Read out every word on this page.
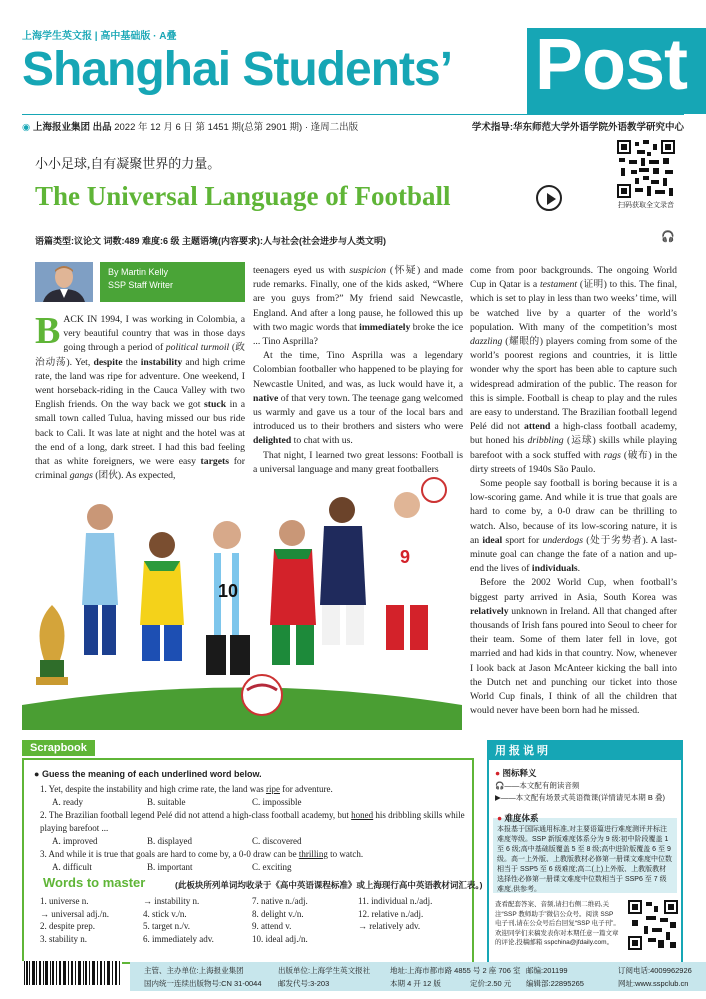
上海学生英文报 | 高中基础版 · A叠
Shanghai Students’ Post
◉ 上海报业集团 出品 2022 年 12 月 6 日 第 1451 期(总第 2901 期) · 逢周二出版	学术指导:华东师范大学外语学院外语教学研究中心
小小足球,自有凝聚世界的力量。
The Universal Language of Football	扫码获取全文录音
语篇类型:议论文 词数:489 难度:6 级 主题语境(内容要求):人与社会(社会进步与人类文明)	🎧
By Martin Kelly
SSP Staff Writer

BACK IN 1994, I was working in Colombia, a very beautiful country that was in those days going through a period of political turmoil (政治动荡). Yet, despite the instability and high crime rate, the land was ripe for adventure. One weekend, I went horseback-riding in the Cauca Valley with two English friends. On the way back we got stuck in a small town called Tulua, having missed our bus ride back to Cali. It was late at night and the hotel was at the end of a long, dark street. I had this bad feeling that as white foreigners, we were easy targets for criminal gangs (团伙). As expected,

teenagers eyed us with suspicion (怀疑) and made rude remarks. Finally, one of the kids asked, “Where are you guys from?” My friend said Newcastle, England. And after a long pause, he followed this up with two magic words that immediately broke the ice ... Tino Asprilla?

At the time, Tino Asprilla was a legendary Colombian footballer who happened to be playing for Newcastle United, and was, as luck would have it, a native of that very town. The teenage gang welcomed us warmly and gave us a tour of the local bars and introduced us to their brothers and sisters who were delighted to chat with us.

That night, I learned two great lessons: Football is a universal language and many great footballers

come from poor backgrounds. The ongoing World Cup in Qatar is a testament (证明) to this. The final, which is set to play in less than two weeks’ time, will be watched live by a quarter of the world’s population. With many of the competition’s most dazzling (耀眼的) players coming from some of the world’s poorest regions and countries, it is little wonder why the sport has been able to capture such widespread admiration of the public. The reason for this is simple. Football is cheap to play and the rules are easy to understand. The Brazilian football legend Pelé did not attend a high-class football academy, but honed his dribbling (运球) skills while playing barefoot with a sock stuffed with rags (破布) in the dirty streets of 1940s São Paulo.

Some people say football is boring because it is a low-scoring game. And while it is true that goals are hard to come by, a 0-0 draw can be thrilling to watch. Also, because of its low-scoring nature, it is an ideal sport for underdogs (处于劣势者). A last-minute goal can change the fate of a nation and up-end the lives of individuals.

Before the 2002 World Cup, when football’s biggest party arrived in Asia, South Korea was relatively unknown in Ireland. All that changed after thousands of Irish fans poured into Seoul to cheer for their team. Some of them later fell in love, got married and had kids in that country. Now, whenever I look back at Jason McAnteer kicking the ball into the Dutch net and punching our ticket into those World Cup finals, I think of all the children that would never have been born had he missed.

10
9
Scrapbook
● Guess the meaning of each underlined word below.
1. Yet, despite the instability and high crime rate, the land was ripe for adventure.
A. ready	B. suitable	C. impossible
2. The Brazilian football legend Pelé did not attend a high-class football academy, but honed his dribbling skills while playing barefoot ...
A. improved	B. displayed	C. discovered
3. And while it is true that goals are hard to come by, a 0-0 draw can be thrilling to watch.
A. difficult	B. important	C. exciting
Words to master	(此板块所列单词均收录于《高中英语课程标准》或上海现行高中英语教材词汇表。)
1. universe n.	→ instability n.	7. native n./adj.	11. individual n./adj.
→ universal adj./n.	4. stick v./n.	8. delight v./n.	12. relative n./adj.
2. despite prep.	5. target n./v.	9. attend v.	→ relatively adv.
3. stability n.	6. immediately adv.	10. ideal adj./n.
用报说明
● 图标释义
🎧——本文配有朗读音频
▶——本文配有场景式英语微课(详情请见本期 B 叠)
● 难度体系
本报基于国际通用标准,对主要语篇进行难度测评并标注难度等级。SSP 新版难度体系分为 9 级:初中阶段覆盖 1 至 6 级;高中基础版覆盖 5 至 8 级;高中进阶版覆盖 6 至 9 级。高一上外版、上教版教材必修第一册课文难度中位数相当于 SSP5 至 6 级难度;高二(上)上外版、上教版教材选择性必修第一册课文难度中位数相当于 SSP6 至 7 级难度,供参考。
查看配套答案、音频,请扫右侧二维码,关注“SSP 教师助手”微信公众号。阅读 SSP 电子刊,请在公众号后台回复“SSP 电子刊”。欢迎同学们来稿发表你对本期任意一篇文章的评论,投稿邮箱 sspchina@jfdaily.com。
主管、主办单位:上海报业集团
国内统一连续出版物号:CN 31-0044
出版单位:上海学生英文报社
邮发代号:3-203
地址:上海市都市路 4855 号 2 座 706 室
本期 4 开 12 版	定价:2.50 元
邮编:201199
编辑部:22895265
订阅电话:4009962926
网址:www.sspclub.cn
